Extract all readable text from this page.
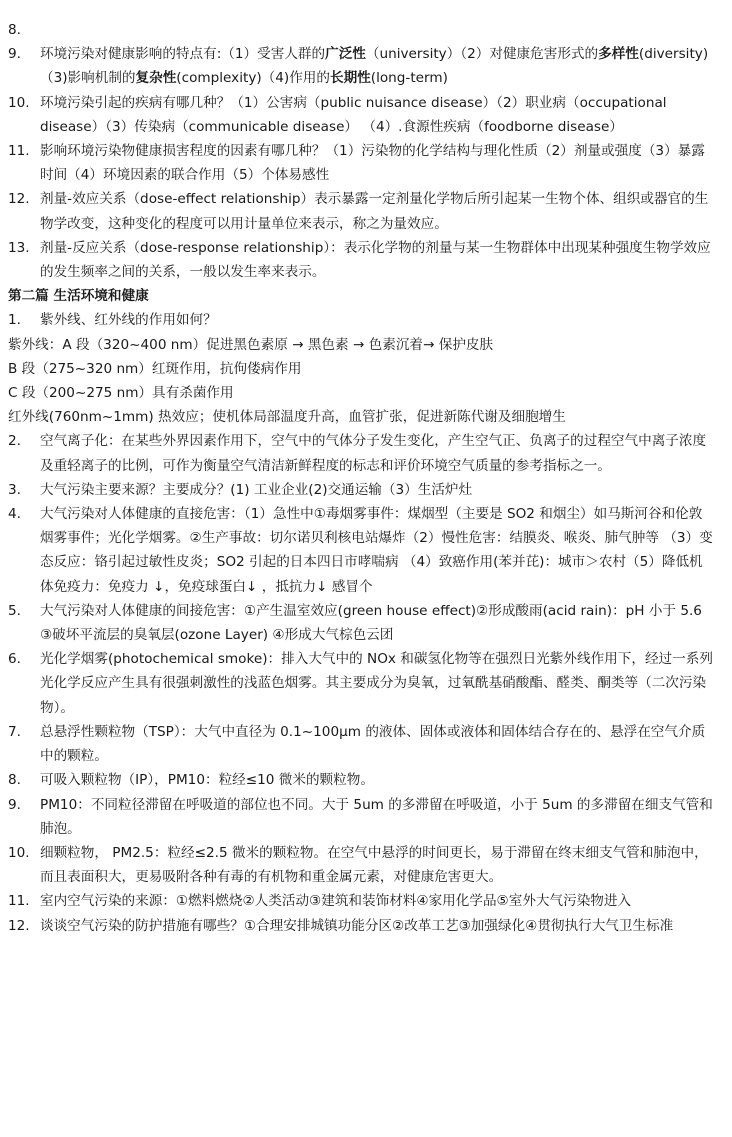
8.

9.	环境污染对健康影响的特点有:（1）受害人群的广泛性（university）（2）对健康危害形式的多样性(diversity)（3)影响机制的复杂性(complexity)（4)作用的长期性(long-term)
10. 环境污染引起的疾病有哪几种？（1）公害病（public nuisance disease）（2）职业病（occupational disease）（3）传染病（communicable disease） （4）.食源性疾病（foodborne disease）
11. 影响环境污染物健康损害程度的因素有哪几种？（1）污染物的化学结构与理化性质（2）剂量或强度（3）暴露时间（4）环境因素的联合作用（5）个体易感性
12. 剂量-效应关系（dose-effect relationship）表示暴露一定剂量化学物后所引起某一生物个体、组织或器官的生物学改变，这种变化的程度可以用计量单位来表示，称之为量效应。
13. 剂量-反应关系（dose-response relationship）：表示化学物的剂量与某一生物群体中出现某种强度生物学效应的发生频率之间的关系，一般以发生率来表示。
第二篇 生活环境和健康
1.	紫外线、红外线的作用如何？
紫外线：A 段（320~400 nm）促进黑色素原 → 黑色素 → 色素沉着→ 保护皮肤
B 段（275~320 nm）红斑作用，抗佝偻病作用
C 段（200~275 nm）具有杀菌作用
红外线(760nm~1mm) 热效应；使机体局部温度升高，血管扩张，促进新陈代谢及细胞增生
2.	空气离子化：在某些外界因素作用下，空气中的气体分子发生变化，产生空气正、负离子的过程空气中离子浓度及重轻离子的比例，可作为衡量空气清洁新鲜程度的标志和评价环境空气质量的参考指标之一。
3.	大气污染主要来源？主要成分？(1) 工业企业(2)交通运输（3）生活炉灶
4.	大气污染对人体健康的直接危害：（1）急性中①毒烟雾事件：煤烟型（主要是 SO2 和烟尘）如马斯河谷和伦敦烟雾事件；光化学烟雾。②生产事故：切尔诺贝利核电站爆炸（2）慢性危害：结膜炎、喉炎、肺气肿等 （3）变态反应：铬引起过敏性皮炎；SO2 引起的日本四日市哮喘病 （4）致癌作用(苯并芘)：城市＞农村（5）降低机体免疫力：免疫力 ↓，免疫球蛋白↓ ，抵抗力↓ 感冒个
5.	大气污染对人体健康的间接危害：①产生温室效应(green house effect)②形成酸雨(acid rain)：pH 小于 5.6 ③破坏平流层的臭氧层(ozone Layer) ④形成大气棕色云团
6.	光化学烟雾(photochemical smoke)：排入大气中的 NOx 和碳氢化物等在强烈日光紫外线作用下，经过一系列光化学反应产生具有很强刺激性的浅蓝色烟雾。其主要成分为臭氧，过氧酰基硝酸酯、醛类、酮类等（二次污染物）。
7.	总悬浮性颗粒物（TSP）：大气中直径为 0.1~100μm 的液体、固体或液体和固体结合存在的、悬浮在空气介质中的颗粒。
8.	可吸入颗粒物（IP），PM10：粒经≤10 微米的颗粒物。
9.	PM10：不同粒径滞留在呼吸道的部位也不同。大于 5um 的多滞留在呼吸道，小于 5um 的多滞留在细支气管和肺泡。
10. 细颗粒物， PM2.5：粒经≤2.5 微米的颗粒物。在空气中悬浮的时间更长，易于滞留在终末细支气管和肺泡中，而且表面积大，更易吸附各种有毒的有机物和重金属元素，对健康危害更大。
11. 室内空气污染的来源：①燃料燃烧②人类活动③建筑和装饰材料④家用化学品⑤室外大气污染物进入
12. 谈谈空气污染的防护措施有哪些？①合理安排城镇功能分区②改革工艺③加强绿化④贯彻执行大气卫生标准
